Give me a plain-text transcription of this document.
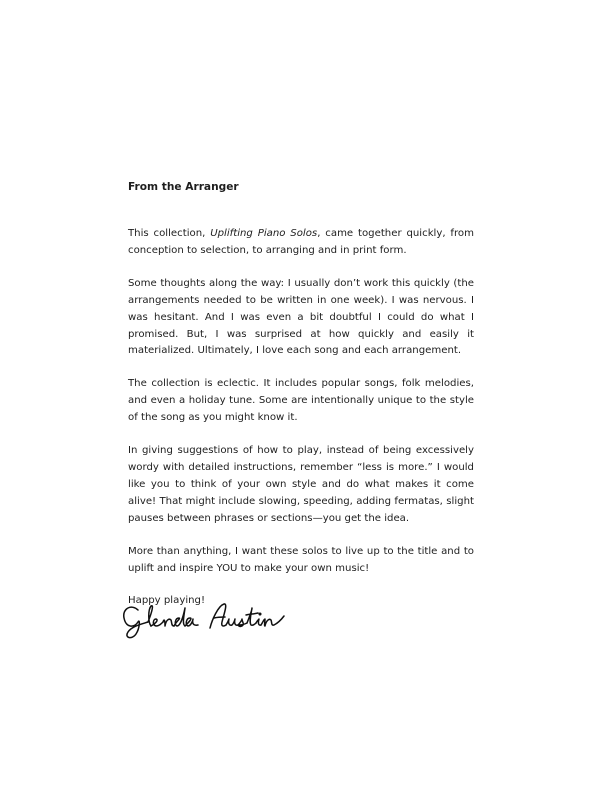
From the Arranger

This collection, Uplifting Piano Solos, came together quickly, from conception to selection, to arranging and in print form.

Some thoughts along the way: I usually don’t work this quickly (the arrangements needed to be written in one week). I was nervous. I was hesitant. And I was even a bit doubtful I could do what I promised. But, I was surprised at how quickly and easily it materialized. Ultimately, I love each song and each arrangement.

The collection is eclectic. It includes popular songs, folk melodies, and even a holiday tune. Some are intentionally unique to the style of the song as you might know it.

In giving suggestions of how to play, instead of being excessively wordy with detailed instructions, remember “less is more.” I would like you to think of your own style and do what makes it come alive! That might include slowing, speeding, adding fermatas, slight pauses between phrases or sections—you get the idea.

More than anything, I want these solos to live up to the title and to uplift and inspire YOU to make your own music!

Happy playing!
